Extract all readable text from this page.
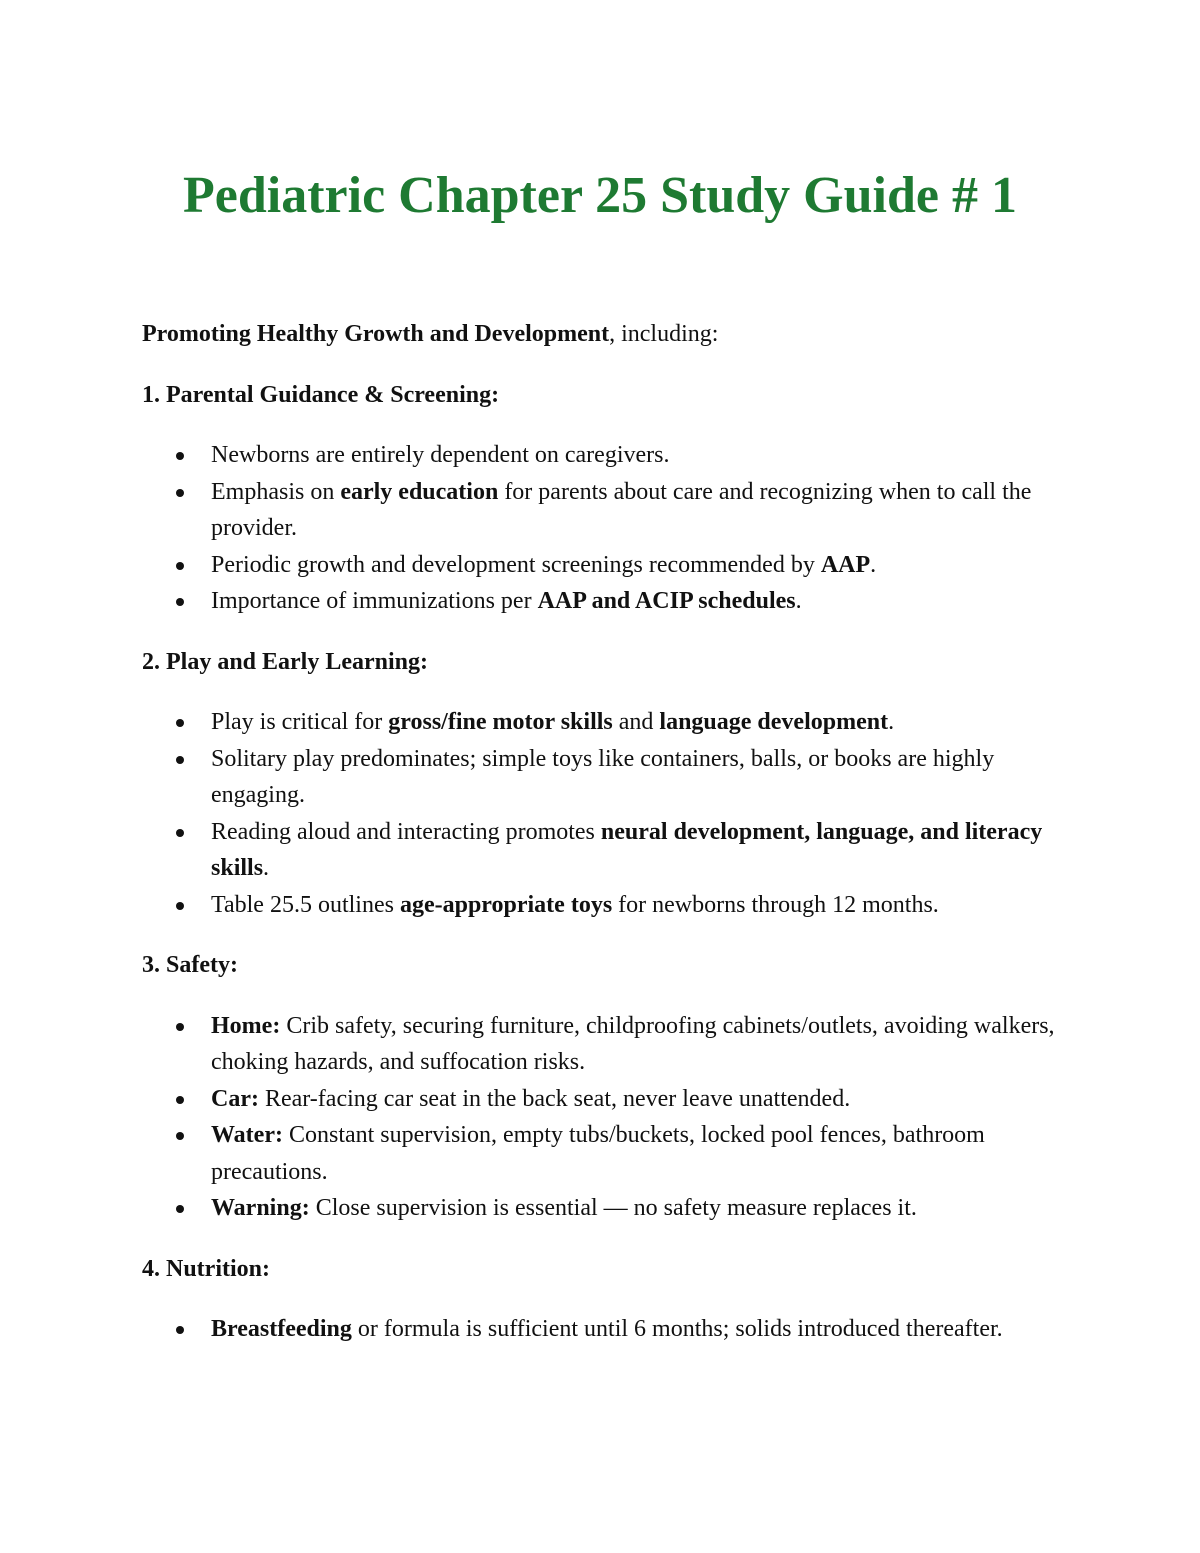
Pediatric Chapter 25 Study Guide # 1

Promoting Healthy Growth and Development, including:

1. Parental Guidance & Screening:
Newborns are entirely dependent on caregivers.
Emphasis on early education for parents about care and recognizing when to call the provider.
Periodic growth and development screenings recommended by AAP.
Importance of immunizations per AAP and ACIP schedules.
2. Play and Early Learning:
Play is critical for gross/fine motor skills and language development.
Solitary play predominates; simple toys like containers, balls, or books are highly engaging.
Reading aloud and interacting promotes neural development, language, and literacy skills.
Table 25.5 outlines age-appropriate toys for newborns through 12 months.
3. Safety:
Home: Crib safety, securing furniture, childproofing cabinets/outlets, avoiding walkers, choking hazards, and suffocation risks.
Car: Rear-facing car seat in the back seat, never leave unattended.
Water: Constant supervision, empty tubs/buckets, locked pool fences, bathroom precautions.
Warning: Close supervision is essential — no safety measure replaces it.
4. Nutrition:
Breastfeeding or formula is sufficient until 6 months; solids introduced thereafter.
